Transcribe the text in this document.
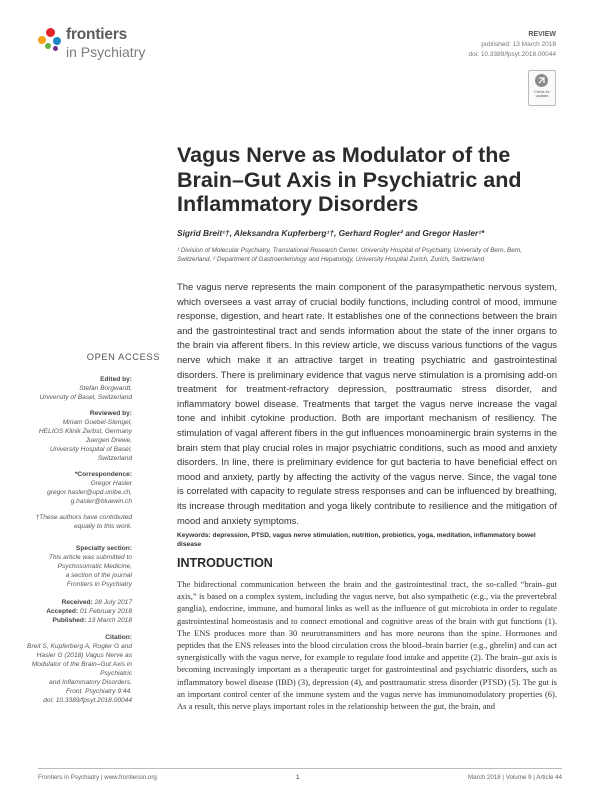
frontiers
in Psychiatry
REVIEW
published: 13 March 2018
doi: 10.3389/fpsyt.2018.00044
Check for updates
Vagus Nerve as Modulator of the Brain–Gut Axis in Psychiatric and Inflammatory Disorders
Sigrid Breit¹†, Aleksandra Kupferberg¹†, Gerhard Rogler² and Gregor Hasler¹*
¹ Division of Molecular Psychiatry, Translational Research Center, University Hospital of Psychiatry, University of Bern, Bern, Switzerland, ² Department of Gastroenterology and Hepatology, University Hospital Zurich, Zurich, Switzerland
The vagus nerve represents the main component of the parasympathetic nervous system, which oversees a vast array of crucial bodily functions, including control of mood, immune response, digestion, and heart rate. It establishes one of the connections between the brain and the gastrointestinal tract and sends information about the state of the inner organs to the brain via afferent fibers. In this review article, we discuss various functions of the vagus nerve which make it an attractive target in treating psychiatric and gastrointestinal disorders. There is preliminary evidence that vagus nerve stimulation is a promising add-on treatment for treatment-refractory depression, posttraumatic stress disorder, and inflammatory bowel disease. Treatments that target the vagus nerve increase the vagal tone and inhibit cytokine production. Both are important mechanism of resiliency. The stimulation of vagal afferent fibers in the gut influences monoaminergic brain systems in the brain stem that play crucial roles in major psychiatric conditions, such as mood and anxiety disorders. In line, there is preliminary evidence for gut bacteria to have beneficial effect on mood and anxiety, partly by affecting the activity of the vagus nerve. Since, the vagal tone is correlated with capacity to regulate stress responses and can be influenced by breathing, its increase through meditation and yoga likely contribute to resilience and the mitigation of mood and anxiety symptoms.
Keywords: depression, PTSD, vagus nerve stimulation, nutrition, probiotics, yoga, meditation, inflammatory bowel disease
OPEN ACCESS
Edited by:
Stefan Borgwardt,
University of Basel, Switzerland
Reviewed by:
Miriam Goebel-Stengel,
HELIOS Klinik Zerbst, Germany
Juergen Drewe,
University Hospital of Basel,
Switzerland
*Correspondence:
Gregor Hasler
gregor.hasler@upd.unibe.ch,
g.hasler@bluewin.ch
†These authors have contributed
equally to this work.
Specialty section:
This article was submitted to
Psychosomatic Medicine,
a section of the journal
Frontiers in Psychiatry
Received: 28 July 2017
Accepted: 01 February 2018
Published: 13 March 2018
Citation:
Breit S, Kupferberg A, Rogler G and
Hasler G (2018) Vagus Nerve as
Modulator of the Brain–Gut Axis in
Psychiatric
and Inflammatory Disorders.
Front. Psychiatry 9:44.
doi: 10.3389/fpsyt.2018.00044
INTRODUCTION

The bidirectional communication between the brain and the gastrointestinal tract, the so-called “brain–gut axis,” is based on a complex system, including the vagus nerve, but also sympathetic (e.g., via the prevertebral ganglia), endocrine, immune, and humoral links as well as the influence of gut microbiota in order to regulate gastrointestinal homeostasis and to connect emotional and cognitive areas of the brain with gut functions (1). The ENS produces more than 30 neurotransmitters and has more neurons than the spine. Hormones and peptides that the ENS releases into the blood circulation cross the blood–brain barrier (e.g., ghrelin) and can act synergistically with the vagus nerve, for example to regulate food intake and appetite (2). The brain–gut axis is becoming increasingly important as a therapeutic target for gastrointestinal and psychiatric disorders, such as inflammatory bowel disease (IBD) (3), depression (4), and posttraumatic stress disorder (PTSD) (5). The gut is an important control center of the immune system and the vagus nerve has immunomodulatory properties (6). As a result, this nerve plays important roles in the relationship between the gut, the brain, and

Frontiers in Psychiatry | www.frontiersin.org	1	March 2018 | Volume 9 | Article 44
